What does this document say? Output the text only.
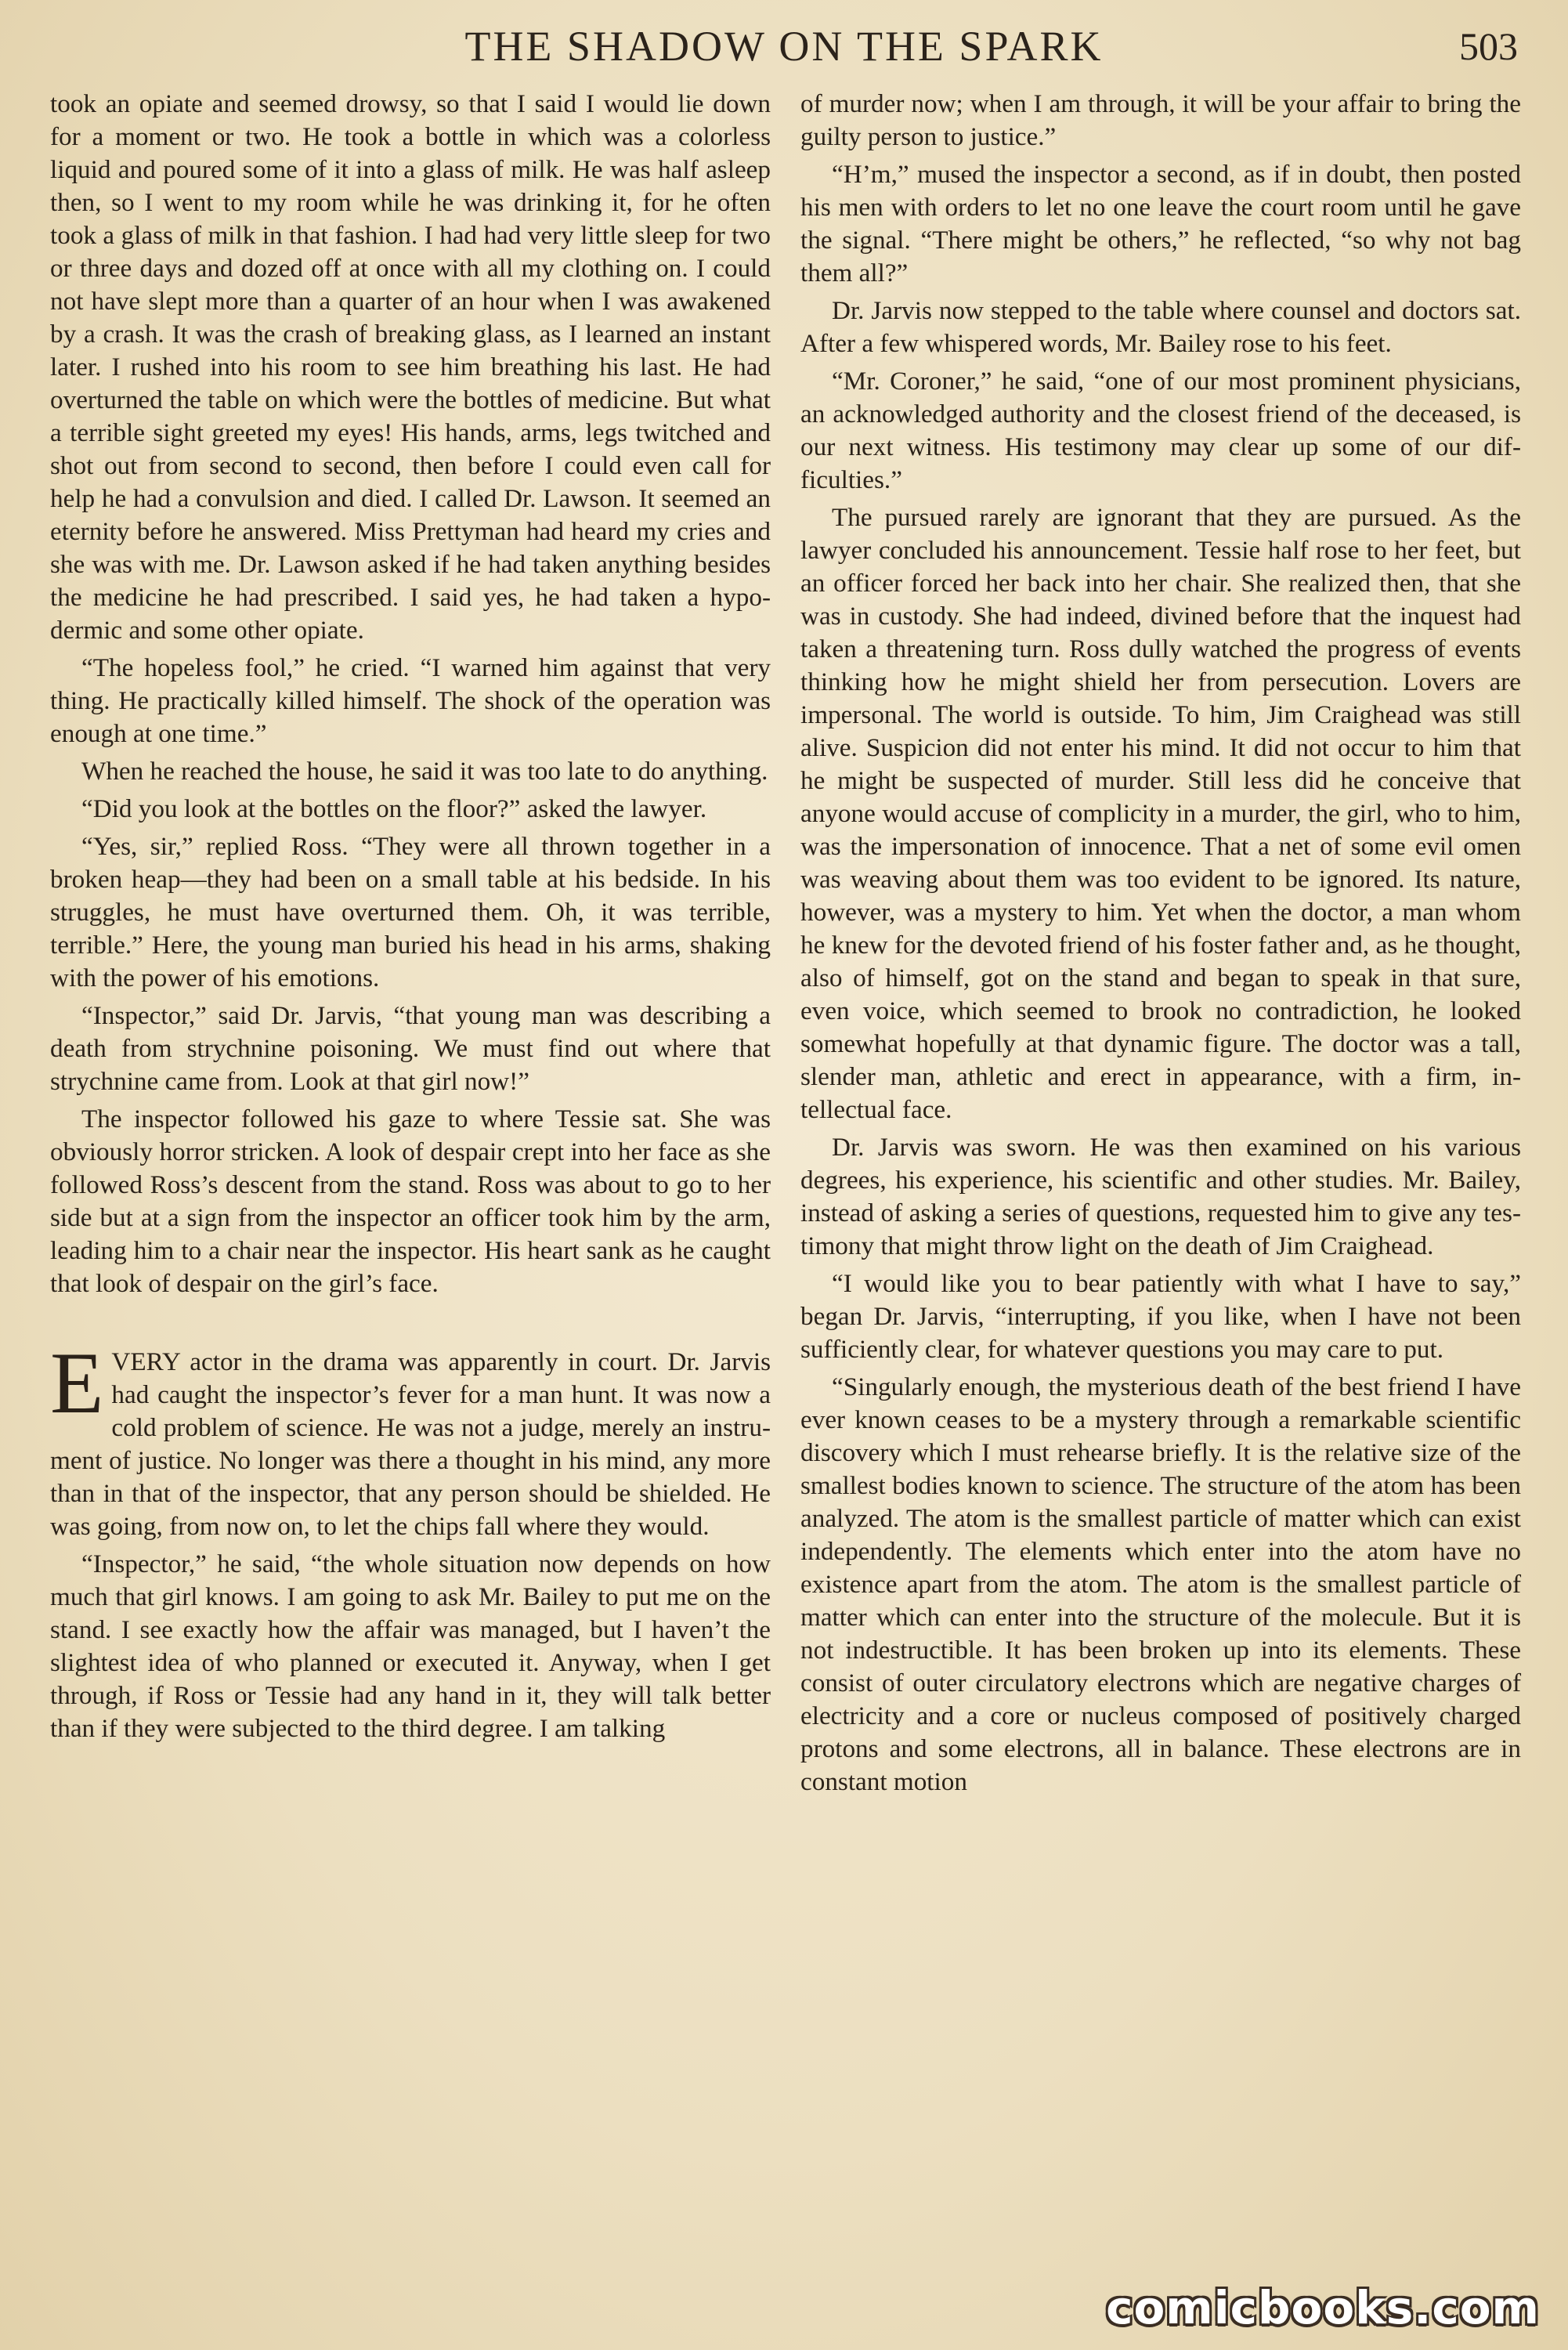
THE SHADOW ON THE SPARK	503

took an opiate and seemed drowsy, so that I said I would lie down for a moment or two. He took a bottle in which was a colorless liquid and poured some of it into a glass of milk. He was half asleep then, so I went to my room while he was drinking it, for he often took a glass of milk in that fashion. I had had very little sleep for two or three days and dozed off at once with all my clothing on. I could not have slept more than a quarter of an hour when I was awakened by a crash. It was the crash of breaking glass, as I learned an instant later. I rushed into his room to see him breathing his last. He had overturned the table on which were the bottles of medicine. But what a terrible sight greeted my eyes! His hands, arms, legs twitched and shot out from second to second, then before I could even call for help he had a convulsion and died. I called Dr. Lawson. It seemed an eternity before he answered. Miss Prettyman had heard my cries and she was with me. Dr. Lawson asked if he had taken anything besides the medicine he had prescribed. I said yes, he had taken a hypodermic and some other opiate.

“The hopeless fool,” he cried. “I warned him against that very thing. He practically killed himself. The shock of the operation was enough at one time.”

When he reached the house, he said it was too late to do anything.

“Did you look at the bottles on the floor?” asked the lawyer.

“Yes, sir,” replied Ross. “They were all thrown together in a broken heap—they had been on a small table at his bedside. In his struggles, he must have overturned them. Oh, it was terrible, terrible.” Here, the young man buried his head in his arms, shaking with the power of his emotions.

“Inspector,” said Dr. Jarvis, “that young man was describing a death from strychnine poisoning. We must find out where that strychnine came from. Look at that girl now!”

The inspector followed his gaze to where Tessie sat. She was obviously horror stricken. A look of despair crept into her face as she followed Ross’s descent from the stand. Ross was about to go to her side but at a sign from the inspector an officer took him by the arm, leading him to a chair near the inspector. His heart sank as he caught that look of despair on the girl’s face.

EVERY actor in the drama was apparently in court. Dr. Jarvis had caught the inspector’s fever for a man hunt. It was now a cold problem of science. He was not a judge, merely an instrument of justice. No longer was there a thought in his mind, any more than in that of the inspector, that any person should be shielded. He was going, from now on, to let the chips fall where they would.

“Inspector,” he said, “the whole situation now depends on how much that girl knows. I am going to ask Mr. Bailey to put me on the stand. I see exactly how the affair was managed, but I haven’t the slightest idea of who planned or executed it. Anyway, when I get through, if Ross or Tessie had any hand in it, they will talk better than if they were subjected to the third degree. I am talking

of murder now; when I am through, it will be your affair to bring the guilty person to justice.”

“H’m,” mused the inspector a second, as if in doubt, then posted his men with orders to let no one leave the court room until he gave the signal. “There might be others,” he reflected, “so why not bag them all?”

Dr. Jarvis now stepped to the table where counsel and doctors sat. After a few whispered words, Mr. Bailey rose to his feet.

“Mr. Coroner,” he said, “one of our most prominent physicians, an acknowledged authority and the closest friend of the deceased, is our next witness. His testimony may clear up some of our difficulties.”

The pursued rarely are ignorant that they are pursued. As the lawyer concluded his announcement. Tessie half rose to her feet, but an officer forced her back into her chair. She realized then, that she was in custody. She had indeed, divined before that the inquest had taken a threatening turn. Ross dully watched the progress of events thinking how he might shield her from persecution. Lovers are impersonal. The world is outside. To him, Jim Craighead was still alive. Suspicion did not enter his mind. It did not occur to him that he might be suspected of murder. Still less did he conceive that anyone would accuse of complicity in a murder, the girl, who to him, was the impersonation of innocence. That a net of some evil omen was weaving about them was too evident to be ignored. Its nature, however, was a mystery to him. Yet when the doctor, a man whom he knew for the devoted friend of his foster father and, as he thought, also of himself, got on the stand and began to speak in that sure, even voice, which seemed to brook no contradiction, he looked somewhat hopefully at that dynamic figure. The doctor was a tall, slender man, athletic and erect in appearance, with a firm, intellectual face.

Dr. Jarvis was sworn. He was then examined on his various degrees, his experience, his scientific and other studies. Mr. Bailey, instead of asking a series of questions, requested him to give any testimony that might throw light on the death of Jim Craighead.

“I would like you to bear patiently with what I have to say,” began Dr. Jarvis, “interrupting, if you like, when I have not been sufficiently clear, for whatever questions you may care to put.

“Singularly enough, the mysterious death of the best friend I have ever known ceases to be a mystery through a remarkable scientific discovery which I must rehearse briefly. It is the relative size of the smallest bodies known to science. The structure of the atom has been analyzed. The atom is the smallest particle of matter which can exist independently. The elements which enter into the atom have no existence apart from the atom. The atom is the smallest particle of matter which can enter into the structure of the molecule. But it is not indestructible. It has been broken up into its elements. These consist of outer circulatory electrons which are negative charges of electricity and a core or nucleus composed of positively charged protons and some electrons, all in balance. These electrons are in constant motion

comicbooks.com
